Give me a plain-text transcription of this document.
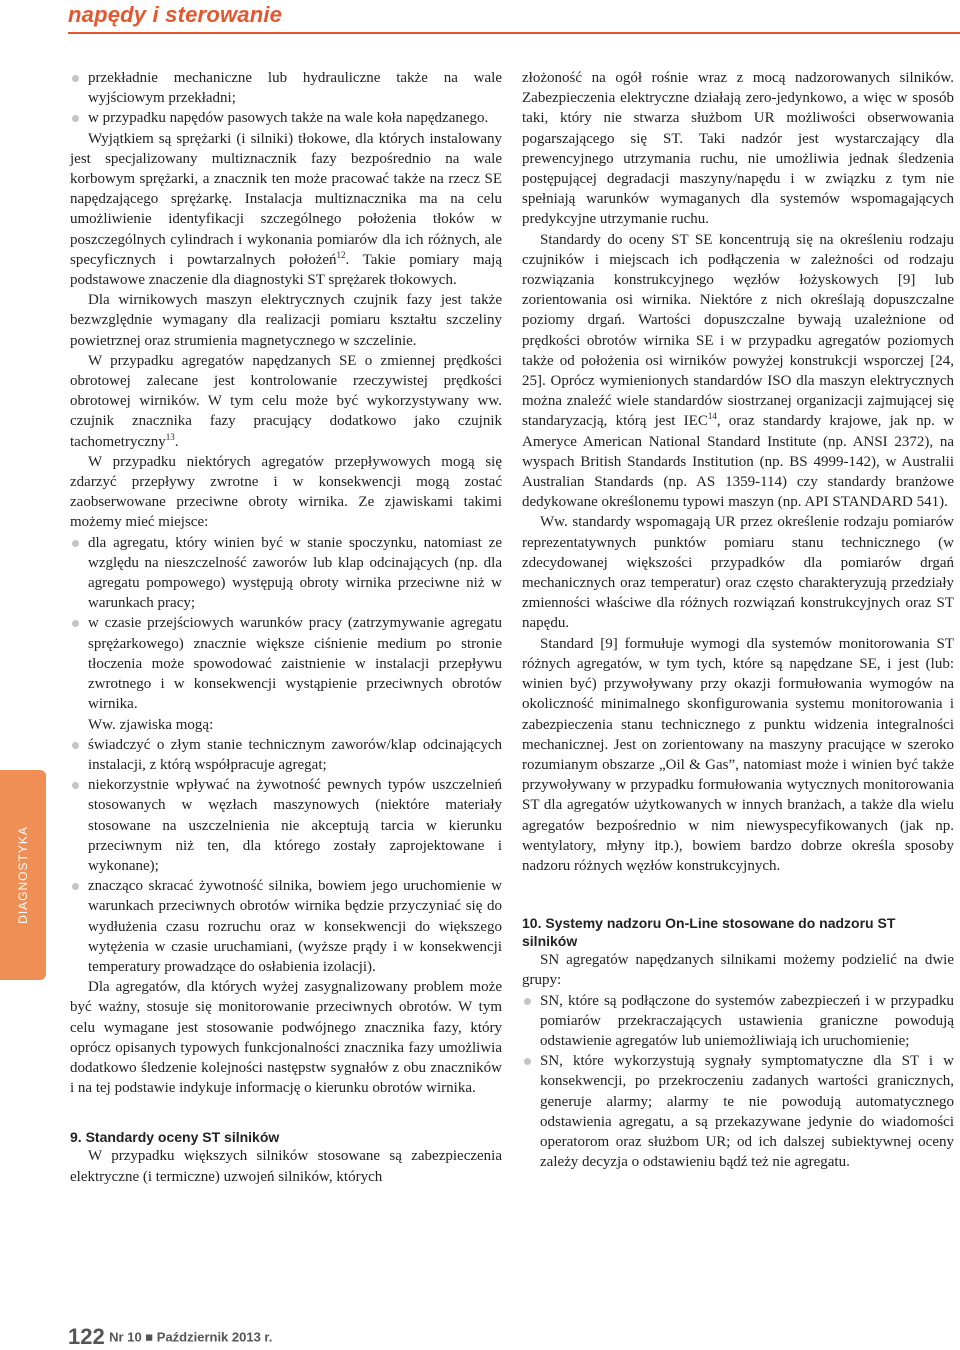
napędy i sterowanie
przekładnie mechaniczne lub hydrauliczne także na wale wyjściowym przekładni;
w przypadku napędów pasowych także na wale koła napędzanego.

Wyjątkiem są sprężarki (i silniki) tłokowe, dla których instalowany jest specjalizowany multiznacznik fazy bezpośrednio na wale korbowym sprężarki, a znacznik ten może pracować także na rzecz SE napędzającego sprężarkę. Instalacja multiznacznika ma na celu umożliwienie identyfikacji szczególnego położenia tłoków w poszczególnych cylindrach i wykonania pomiarów dla ich różnych, ale specyficznych i powtarzalnych położeń$^{12}$. Takie pomiary mają podstawowe znaczenie dla diagnostyki ST sprężarek tłokowych.

Dla wirnikowych maszyn elektrycznych czujnik fazy jest także bezwzględnie wymagany dla realizacji pomiaru kształtu szczeliny powietrznej oraz strumienia magnetycznego w szczelinie.

W przypadku agregatów napędzanych SE o zmiennej prędkości obrotowej zalecane jest kontrolowanie rzeczywistej prędkości obrotowej wirników. W tym celu może być wykorzystywany ww. czujnik znacznika fazy pracujący dodatkowo jako czujnik tachometryczny$^{13}$.

W przypadku niektórych agregatów przepływowych mogą się zdarzyć przepływy zwrotne i w konsekwencji mogą zostać zaobserwowane przeciwne obroty wirnika. Ze zjawiskami takimi możemy mieć miejsce:

dla agregatu, który winien być w stanie spoczynku, natomiast ze względu na nieszczelność zaworów lub klap odcinających (np. dla agregatu pompowego) występują obroty wirnika przeciwne niż w warunkach pracy;
w czasie przejściowych warunków pracy (zatrzymywanie agregatu sprężarkowego) znacznie większe ciśnienie medium po stronie tłoczenia może spowodować zaistnienie w instalacji przepływu zwrotnego i w konsekwencji wystąpienie przeciwnych obrotów wirnika.

Ww. zjawiska mogą:

świadczyć o złym stanie technicznym zaworów/klap odcinających instalacji, z którą współpracuje agregat;
niekorzystnie wpływać na żywotność pewnych typów uszczelnień stosowanych w węzłach maszynowych (niektóre materiały stosowane na uszczelnienia nie akceptują tarcia w kierunku przeciwnym niż ten, dla którego zostały zaprojektowane i wykonane);
znacząco skracać żywotność silnika, bowiem jego uruchomienie w warunkach przeciwnych obrotów wirnika będzie przyczyniać się do wydłużenia czasu rozruchu oraz w konsekwencji do większego wytężenia w czasie uruchamiani, (wyższe prądy i w konsekwencji temperatury prowadzące do osłabienia izolacji).

Dla agregatów, dla których wyżej zasygnalizowany problem może być ważny, stosuje się monitorowanie przeciwnych obrotów. W tym celu wymagane jest stosowanie podwójnego znacznika fazy, który oprócz opisanych typowych funkcjonalności znacznika fazy umożliwia dodatkowo śledzenie kolejności następstw sygnałów z obu znaczników i na tej podstawie indykuje informację o kierunku obrotów wirnika.

9. Standardy oceny ST silników

W przypadku większych silników stosowane są zabezpieczenia elektryczne (i termiczne) uzwojeń silników, których

złożoność na ogół rośnie wraz z mocą nadzorowanych silników. Zabezpieczenia elektryczne działają zero-jedynkowo, a więc w sposób taki, który nie stwarza służbom UR możliwości obserwowania pogarszającego się ST. Taki nadzór jest wystarczający dla prewencyjnego utrzymania ruchu, nie umożliwia jednak śledzenia postępującej degradacji maszyny/napędu i w związku z tym nie spełniają warunków wymaganych dla systemów wspomagających predykcyjne utrzymanie ruchu.

Standardy do oceny ST SE koncentrują się na określeniu rodzaju czujników i miejscach ich podłączenia w zależności od rodzaju rozwiązania konstrukcyjnego węzłów łożyskowych [9] lub zorientowania osi wirnika. Niektóre z nich określają dopuszczalne poziomy drgań. Wartości dopuszczalne bywają uzależnione od prędkości obrotów wirnika SE i w przypadku agregatów poziomych także od położenia osi wirników powyżej konstrukcji wsporczej [24, 25]. Oprócz wymienionych standardów ISO dla maszyn elektrycznych można znaleźć wiele standardów siostrzanej organizacji zajmującej się standaryzacją, którą jest IEC$^{14}$, oraz standardy krajowe, jak np. w Ameryce American National Standard Institute (np. ANSI 2372), na wyspach British Standards Institution (np. BS 4999-142), w Australii Australian Standards (np. AS 1359-114) czy standardy branżowe dedykowane określonemu typowi maszyn (np. API STANDARD 541).

Ww. standardy wspomagają UR przez określenie rodzaju pomiarów reprezentatywnych punktów pomiaru stanu technicznego (w zdecydowanej większości przypadków dla pomiarów drgań mechanicznych oraz temperatur) oraz często charakteryzują przedziały zmienności właściwe dla różnych rozwiązań konstrukcyjnych oraz ST napędu.

Standard [9] formułuje wymogi dla systemów monitorowania ST różnych agregatów, w tym tych, które są napędzane SE, i jest (lub: winien być) przywoływany przy okazji formułowania wymogów na okoliczność minimalnego skonfigurowania systemu monitorowania i zabezpieczenia stanu technicznego z punktu widzenia integralności mechanicznej. Jest on zorientowany na maszyny pracujące w szeroko rozumianym obszarze „Oil & Gas”, natomiast może i winien być także przywoływany w przypadku formułowania wytycznych monitorowania ST dla agregatów użytkowanych w innych branżach, a także dla wielu agregatów bezpośrednio w nim niewyspecyfikowanych (jak np. wentylatory, młyny itp.), bowiem bardzo dobrze określa sposoby nadzoru różnych węzłów konstrukcyjnych.

10. Systemy nadzoru On-Line stosowane do nadzoru ST silników

SN agregatów napędzanych silnikami możemy podzielić na dwie grupy:

SN, które są podłączone do systemów zabezpieczeń i w przypadku pomiarów przekraczających ustawienia graniczne powodują odstawienie agregatów lub uniemożliwiają ich uruchomienie;
SN, które wykorzystują sygnały symptomatyczne dla ST i w konsekwencji, po przekroczeniu zadanych wartości granicznych, generuje alarmy; alarmy te nie powodują automatycznego odstawienia agregatu, a są przekazywane jedynie do wiadomości operatorom oraz służbom UR; od ich dalszej subiektywnej oceny zależy decyzja o odstawieniu bądź też nie agregatu.
DIAGNOSTYKA
122 Nr 10 ■ Październik 2013 r.
